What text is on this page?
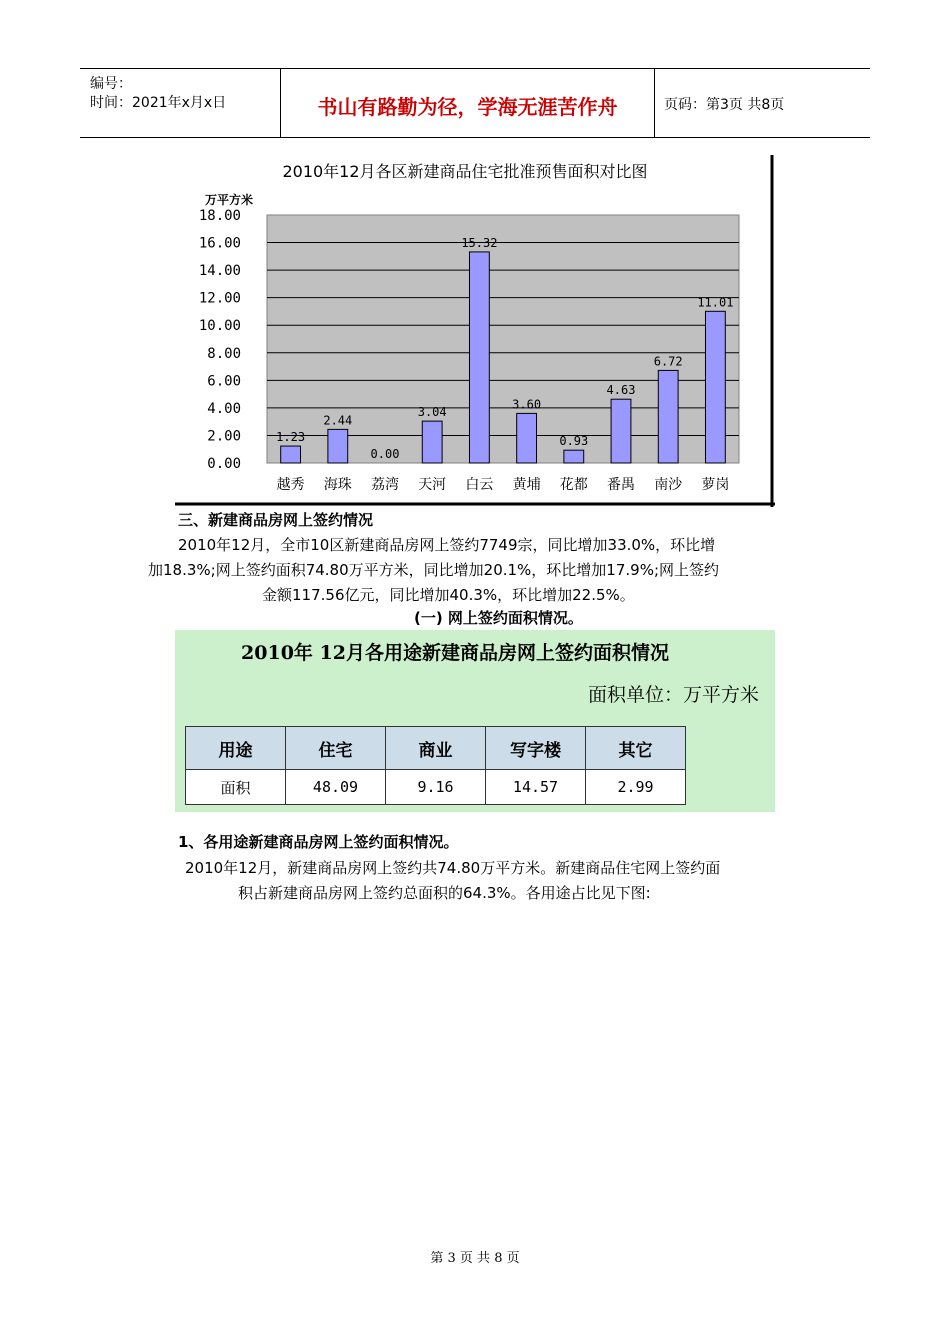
编号：
时间：2021年x月x日	书山有路勤为径，学海无涯苦作舟	页码：第3页 共8页
2010年12月各区新建商品住宅批准预售面积对比图
万平方米
0.00
2.00
4.00
6.00
8.00
10.00
12.00
14.00
16.00
18.00
1.23
越秀
2.44
海珠
0.00
荔湾
3.04
天河
15.32
白云
3.60
黄埔
0.93
花都
4.63
番禺
6.72
南沙
11.01
萝岗
三、新建商品房网上签约情况
2010年12月，全市10区新建商品房网上签约7749宗，同比增加33.0%，环比增
加18.3%;网上签约面积74.80万平方米，同比增加20.1%，环比增加17.9%;网上签约
金额117.56亿元，同比增加40.3%，环比增加22.5%。
(一) 网上签约面积情况。
2010年 12月各用途新建商品房网上签约面积情况
面积单位：万平方米
用途	住宅	商业	写字楼	其它
面积	48.09	9.16	14.57	2.99
1、各用途新建商品房网上签约面积情况。
2010年12月，新建商品房网上签约共74.80万平方米。新建商品住宅网上签约面
积占新建商品房网上签约总面积的64.3%。各用途占比见下图:
第 3 页 共 8 页
